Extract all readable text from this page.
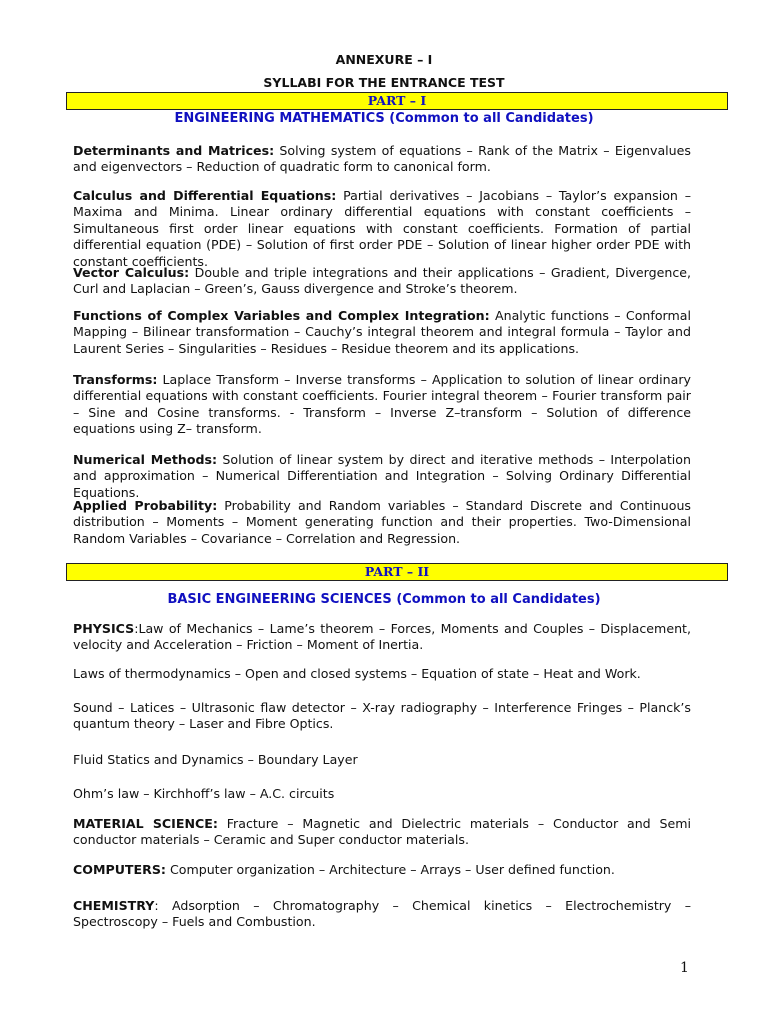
ANNEXURE – I
SYLLABI FOR THE ENTRANCE TEST
PART – I
ENGINEERING MATHEMATICS (Common to all Candidates)
Determinants and Matrices: Solving system of equations – Rank of the Matrix – Eigenvalues and eigenvectors – Reduction of quadratic form to canonical form.
Calculus and Differential Equations: Partial derivatives – Jacobians – Taylor’s expansion – Maxima and Minima. Linear ordinary differential equations with constant coefficients – Simultaneous first order linear equations with constant coefficients. Formation of partial differential equation (PDE) – Solution of first order PDE – Solution of linear higher order PDE with constant coefficients.
Vector Calculus: Double and triple integrations and their applications – Gradient, Divergence, Curl and Laplacian – Green’s, Gauss divergence and Stroke’s theorem.
Functions of Complex Variables and Complex Integration: Analytic functions – Conformal Mapping – Bilinear transformation – Cauchy’s integral theorem and integral formula – Taylor and Laurent Series – Singularities – Residues – Residue theorem and its applications.
Transforms: Laplace Transform – Inverse transforms – Application to solution of linear ordinary differential equations with constant coefficients. Fourier integral theorem – Fourier transform pair – Sine and Cosine transforms. - Transform – Inverse Z–transform – Solution of difference equations using Z– transform.
Numerical Methods: Solution of linear system by direct and iterative methods – Interpolation and approximation – Numerical Differentiation and Integration – Solving Ordinary Differential Equations.
Applied Probability: Probability and Random variables – Standard Discrete and Continuous distribution – Moments – Moment generating function and their properties. Two-Dimensional Random Variables – Covariance – Correlation and Regression.
PART – II
BASIC ENGINEERING SCIENCES (Common to all Candidates)
PHYSICS:Law of Mechanics – Lame’s theorem – Forces, Moments and Couples – Displacement, velocity and Acceleration – Friction – Moment of Inertia.
Laws of thermodynamics – Open and closed systems – Equation of state – Heat and Work.
Sound – Latices – Ultrasonic flaw detector – X-ray radiography – Interference Fringes – Planck’s quantum theory – Laser and Fibre Optics.
Fluid Statics and Dynamics – Boundary Layer
Ohm’s law – Kirchhoff’s law – A.C. circuits
MATERIAL SCIENCE: Fracture – Magnetic and Dielectric materials – Conductor and Semi conductor materials – Ceramic and Super conductor materials.
COMPUTERS: Computer organization – Architecture – Arrays – User defined function.
CHEMISTRY: Adsorption – Chromatography – Chemical kinetics – Electrochemistry – Spectroscopy – Fuels and Combustion.
1
